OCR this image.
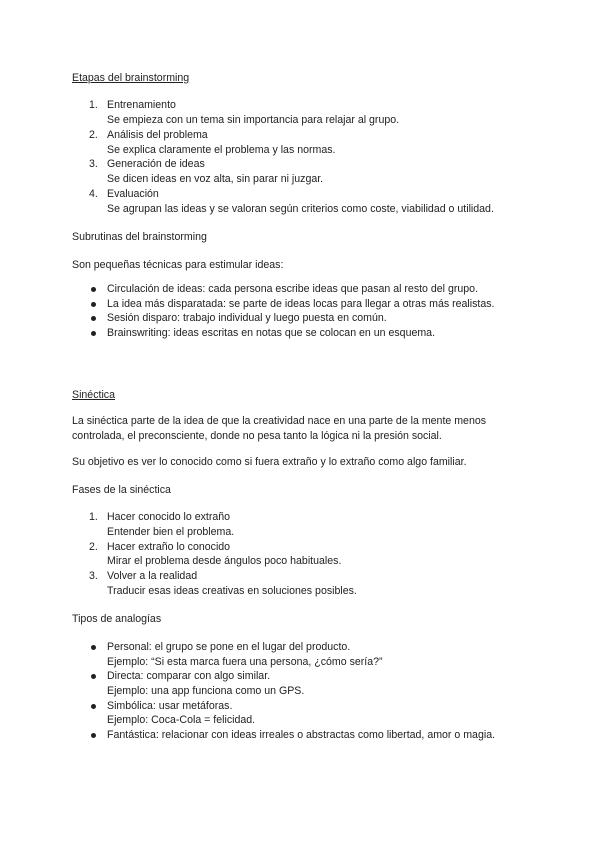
Etapas del brainstorming
1. Entrenamiento
Se empieza con un tema sin importancia para relajar al grupo.
2. Análisis del problema
Se explica claramente el problema y las normas.
3. Generación de ideas
Se dicen ideas en voz alta, sin parar ni juzgar.
4. Evaluación
Se agrupan las ideas y se valoran según criterios como coste, viabilidad o utilidad.
Subrutinas del brainstorming
Son pequeñas técnicas para estimular ideas:
Circulación de ideas: cada persona escribe ideas que pasan al resto del grupo.
La idea más disparatada: se parte de ideas locas para llegar a otras más realistas.
Sesión disparo: trabajo individual y luego puesta en común.
Brainswriting: ideas escritas en notas que se colocan en un esquema.
Sinéctica
La sinéctica parte de la idea de que la creatividad nace en una parte de la mente menos
controlada, el preconsciente, donde no pesa tanto la lógica ni la presión social.
Su objetivo es ver lo conocido como si fuera extraño y lo extraño como algo familiar.
Fases de la sinéctica
1. Hacer conocido lo extraño
Entender bien el problema.
2. Hacer extraño lo conocido
Mirar el problema desde ángulos poco habituales.
3. Volver a la realidad
Traducir esas ideas creativas en soluciones posibles.
Tipos de analogías
Personal: el grupo se pone en el lugar del producto.
Ejemplo: “Si esta marca fuera una persona, ¿cómo sería?”
Directa: comparar con algo similar.
Ejemplo: una app funciona como un GPS.
Simbólica: usar metáforas.
Ejemplo: Coca-Cola = felicidad.
Fantástica: relacionar con ideas irreales o abstractas como libertad, amor o magia.
